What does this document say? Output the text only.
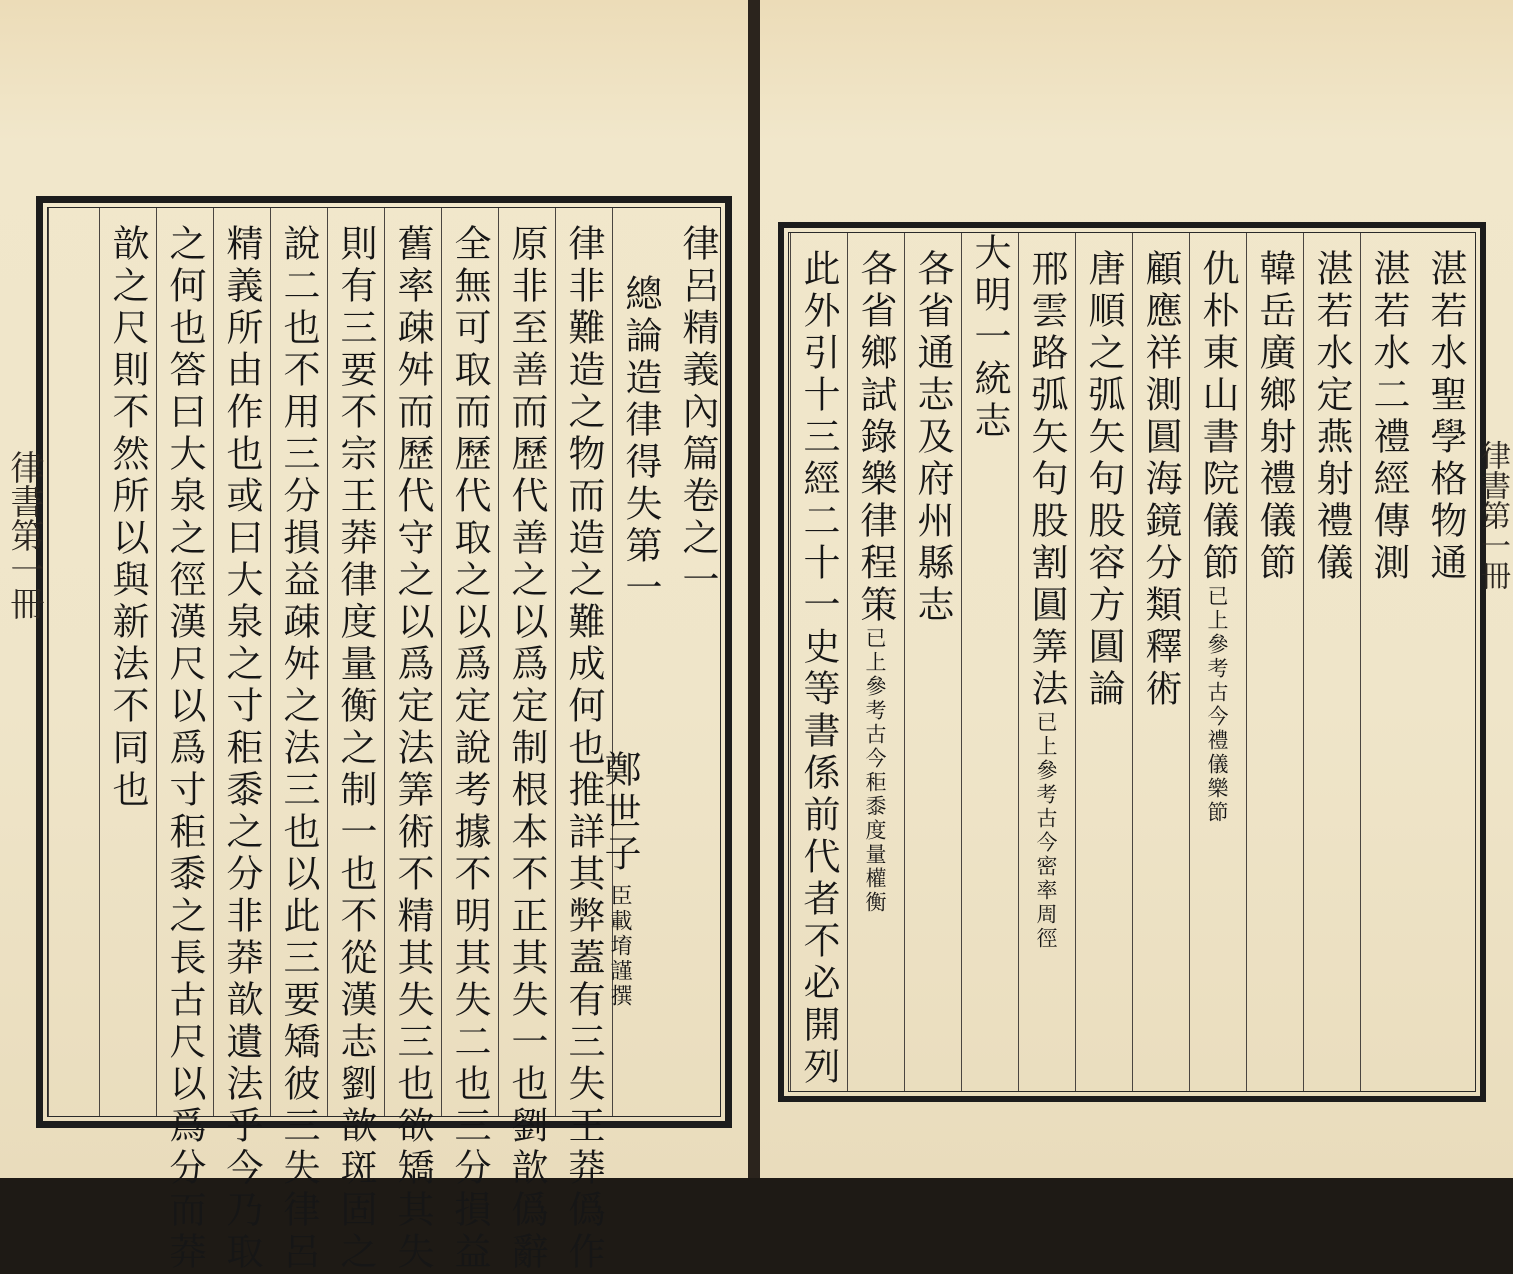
律呂精義內篇卷之一
總論造律得失第一
律非難造之物而造之難成何也推詳其弊蓋有三失王莽僞作
原非至善而歷代善之以爲定制根本不正其失一也劉歆僞辭
全無可取而歷代取之以爲定說考據不明其失二也三分損益
舊率疎舛而歷代守之以爲定法筭術不精其失三也欲矯其失
則有三要不宗王莽律度量衡之制一也不從漢志劉歆斑固之
說二也不用三分損益疎舛之法三也以此三要矯彼三失律呂
精義所由作也或曰大泉之寸秬黍之分非莽歆遺法乎今乃取
之何也答曰大泉之徑漢尺以爲寸秬黍之長古尺以爲分而莽
歆之尺則不然所以與新法不同也
鄭世子臣載堉謹撰
律書第一冊	湛若水聖學格物通
湛若水二禮經傳測
湛若水定燕射禮儀
韓岳廣鄉射禮儀節
仇朴東山書院儀節已上參考古今禮儀樂節
顧應祥測圓海鏡分類釋術
唐順之弧矢句股容方圓論
邢雲路弧矢句股割圓筭法已上參考古今密率周徑
大明一統志
各省通志及府州縣志
各省鄉試錄樂律程策已上參考古今秬黍度量權衡
此外引十三經二十一史等書係前代者不必開列	律書第一冊
